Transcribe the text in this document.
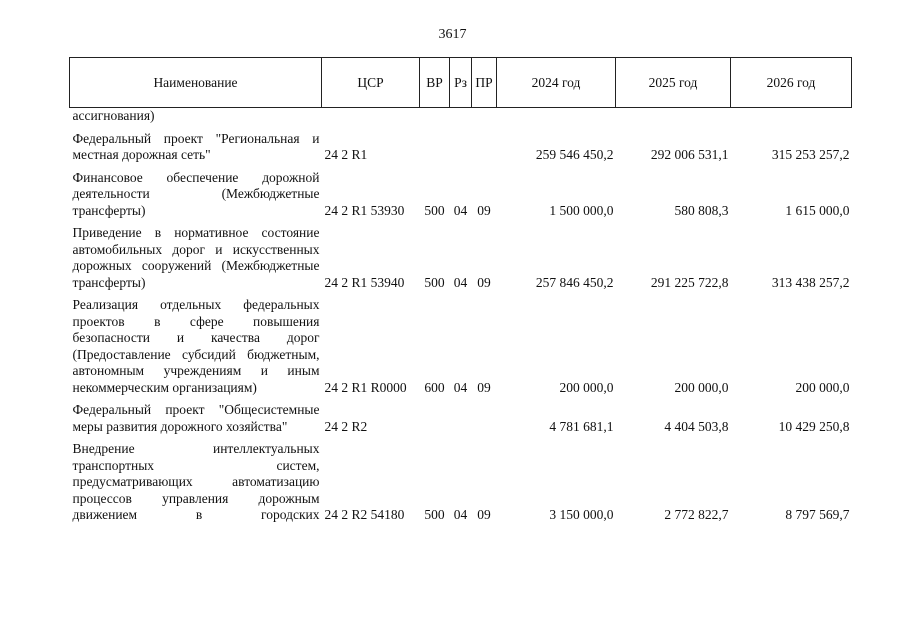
3617
Наименование	ЦСР	ВР	Рз	ПР	2024 год	2025 год	2026 год
ассигнования)							

Федеральный проект "Региональная и местная дорожная сеть"	24 2 R1				259 546 450,2	292 006 531,1	315 253 257,2

Финансовое обеспечение дорожной деятельности (Межбюджетные трансферты)	24 2 R1 53930	500	04	09	1 500 000,0	580 808,3	1 615 000,0

Приведение в нормативное состояние автомобильных дорог и искусственных дорожных сооружений (Межбюджетные трансферты)	24 2 R1 53940	500	04	09	257 846 450,2	291 225 722,8	313 438 257,2

Реализация отдельных федеральных проектов в сфере повышения безопасности и качества дорог (Предоставление субсидий бюджетным, автономным учреждениям и иным некоммерческим организациям)	24 2 R1 R0000	600	04	09	200 000,0	200 000,0	200 000,0

Федеральный проект "Общесистемные меры развития дорожного хозяйства"	24 2 R2				4 781 681,1	4 404 503,8	10 429 250,8

Внедрение интеллектуальных транспортных систем, предусматривающих автоматизацию процессов управления дорожным движением в городских	24 2 R2 54180	500	04	09	3 150 000,0	2 772 822,7	8 797 569,7
